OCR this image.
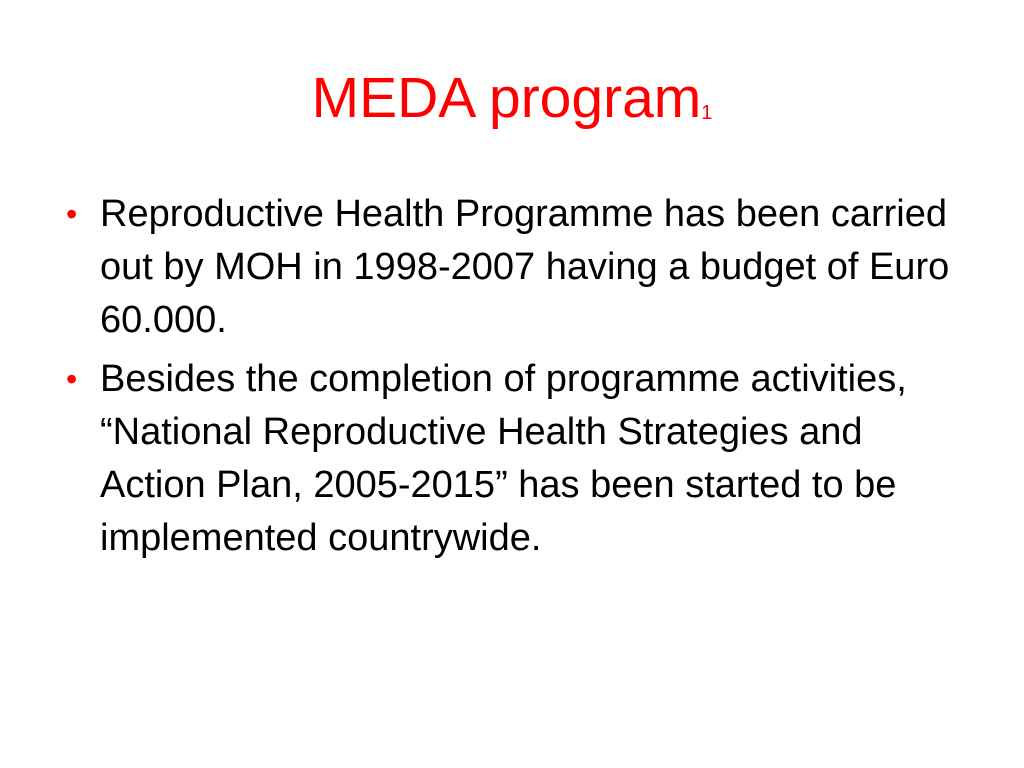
MEDA program$_1$
• Reproductive Health Programme has been carried out by MOH in 1998-2007 having a budget of Euro 60.000.
• Besides the completion of programme activities, “National Reproductive Health Strategies and Action Plan, 2005-2015” has been started to be implemented countrywide.
